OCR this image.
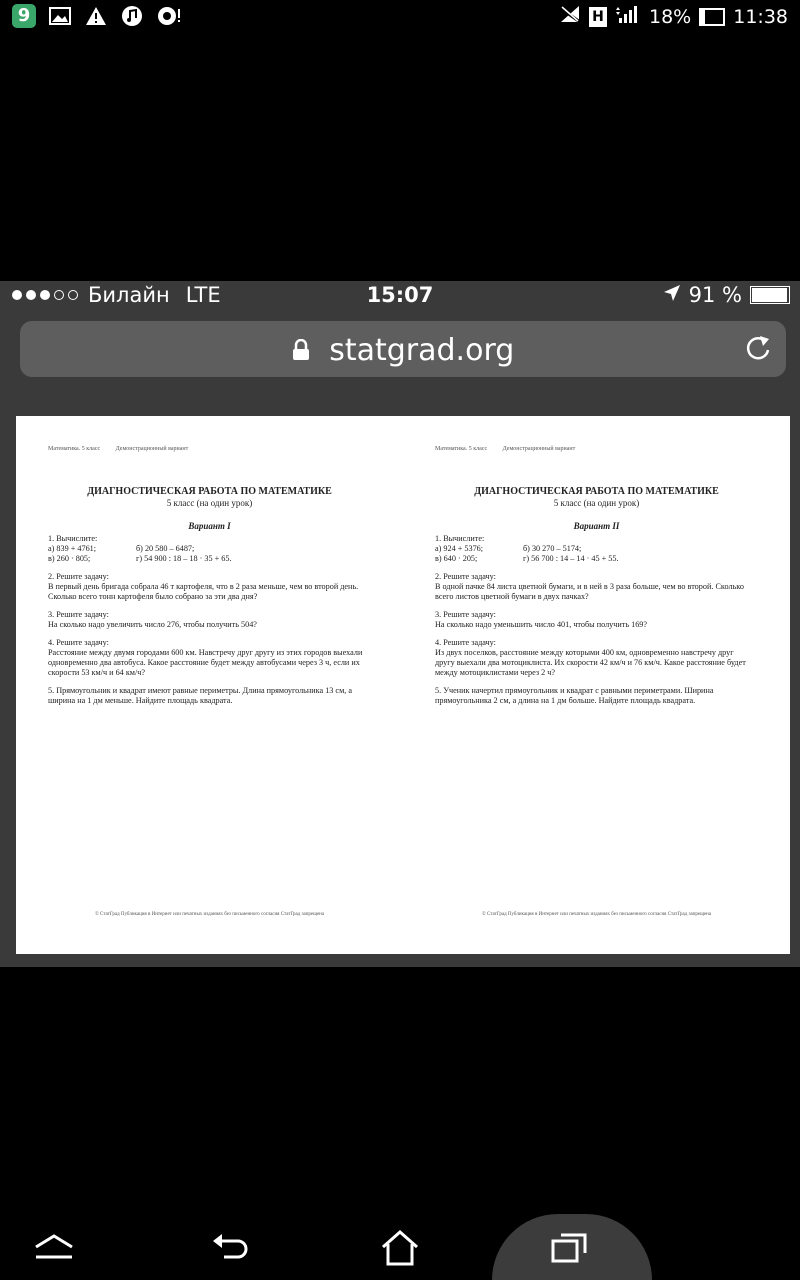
9	H 18% 11:38
Билайн LTE	15:07	91 %
statgrad.org
Математика. 5 класс	Демонстрационный вариант
ДИАГНОСТИЧЕСКАЯ РАБОТА ПО МАТЕМАТИКЕ
5 класс (на один урок)
Вариант I
1. Вычислите:
а) 839 + 4761;	б) 20 580 – 6487;
в) 260 · 805;	г) 54 900 : 18 – 18 · 35 + 65.
2. Решите задачу:
В первый день бригада собрала 46 т картофеля, что в 2 раза меньше, чем во второй день. Сколько всего тонн картофеля было собрано за эти два дня?
3. Решите задачу:
На сколько надо увеличить число 276, чтобы получить 504?
4. Решите задачу:
Расстояние между двумя городами 600 км. Навстречу друг другу из этих городов выехали одновременно два автобуса. Какое расстояние будет между автобусами через 3 ч, если их скорости 53 км/ч и 64 км/ч?
5. Прямоугольник и квадрат имеют равные периметры. Длина прямоугольника 13 см, а ширина на 1 дм меньше. Найдите площадь квадрата.
© СтатГрад Публикация в Интернет или печатных изданиях без письменного согласия СтатГрад запрещена
Математика. 5 класс	Демонстрационный вариант
ДИАГНОСТИЧЕСКАЯ РАБОТА ПО МАТЕМАТИКЕ
5 класс (на один урок)
Вариант II
1. Вычислите:
а) 924 + 5376;	б) 30 270 – 5174;
в) 640 · 205;	г) 56 700 : 14 – 14 · 45 + 55.
2. Решите задачу:
В одной пачке 84 листа цветной бумаги, и в ней в 3 раза больше, чем во второй. Сколько всего листов цветной бумаги в двух пачках?
3. Решите задачу:
На сколько надо уменьшить число 401, чтобы получить 169?
4. Решите задачу:
Из двух поселков, расстояние между которыми 400 км, одновременно навстречу друг другу выехали два мотоциклиста. Их скорости 42 км/ч и 76 км/ч. Какое расстояние будет между мотоциклистами через 2 ч?
5. Ученик начертил прямоугольник и квадрат с равными периметрами. Ширина прямоугольника 2 см, а длина на 1 дм больше. Найдите площадь квадрата.
© СтатГрад Публикация в Интернет или печатных изданиях без письменного согласия СтатГрад запрещена
